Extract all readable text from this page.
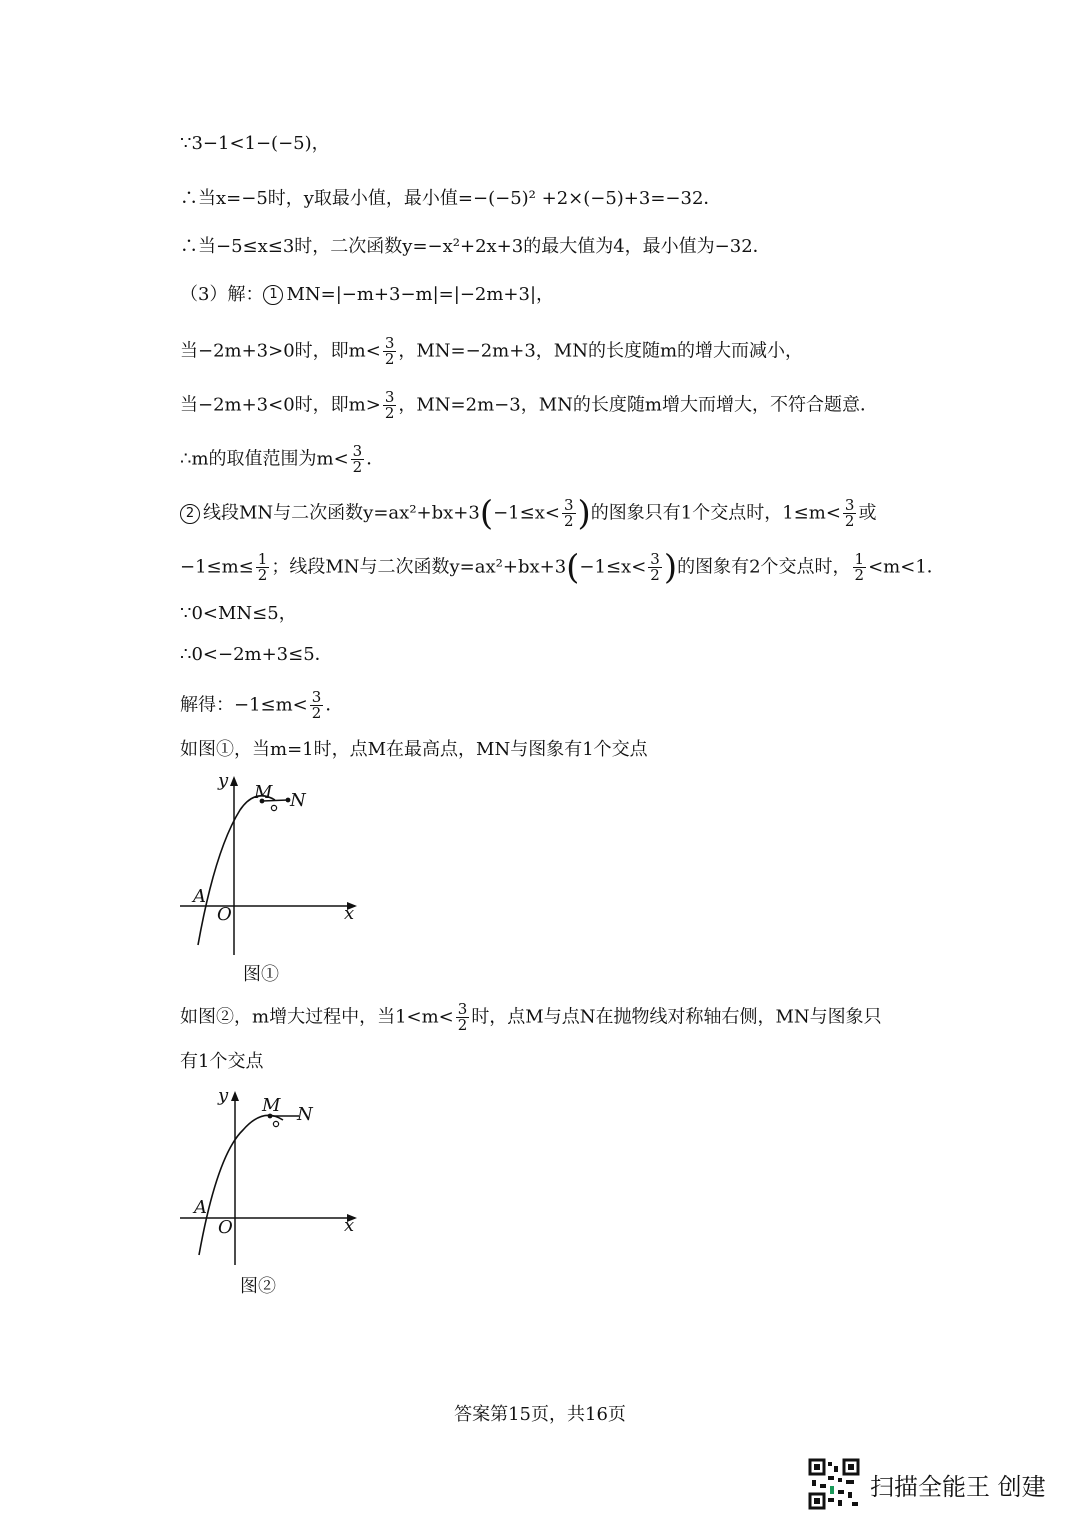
∵3−1<1−(−5)，
∴当x=−5时，y取最小值，最小值=−(−5)² +2×(−5)+3=−32．
∴当−5≤x≤3时，二次函数y=−x²+2x+3的最大值为4，最小值为−32．
（3）解： 1 MN=|−m+3−m|=|−2m+3|，
当−2m+3>0时，即$m< \frac{3}{2}$ ，MN=−2m+3，MN的长度随m的增大而减小，
当−2m+3<0时，即$m> \frac{3}{2}$ ，MN=2m−3，MN的长度随m增大而增大，不符合题意．
∴m的取值范围为$m< \frac{3}{2}$ ．
2 线段MN与二次函数$y=ax^2+bx+3(-1\le x< \frac{3}{2}$ )的图象只有1个交点时，$1\le m< \frac{3}{2}$ 或
$-1\le m\le \frac{1}{2}$ ；线段MN与二次函数$y=ax^2+bx+3(-1\le x< \frac{3}{2}$ )的图象有2个交点时， $\frac{1}{2} <m<1$．
∵0<MN≤5，
∴0<−2m+3≤5．
解得：$-1\le m< \frac{3}{2}$ ．
如图①，当m=1时，点M在最高点，MN与图象有1个交点
y
x
O
A
M N
图①
如图②，m增大过程中，当$1<m< \frac{3}{2}$ 时，点M与点N在抛物线对称轴右侧，MN与图象只
有1个交点
y
x
O
A
M N
图②
答案第15页，共16页
扫描全能王 创建
